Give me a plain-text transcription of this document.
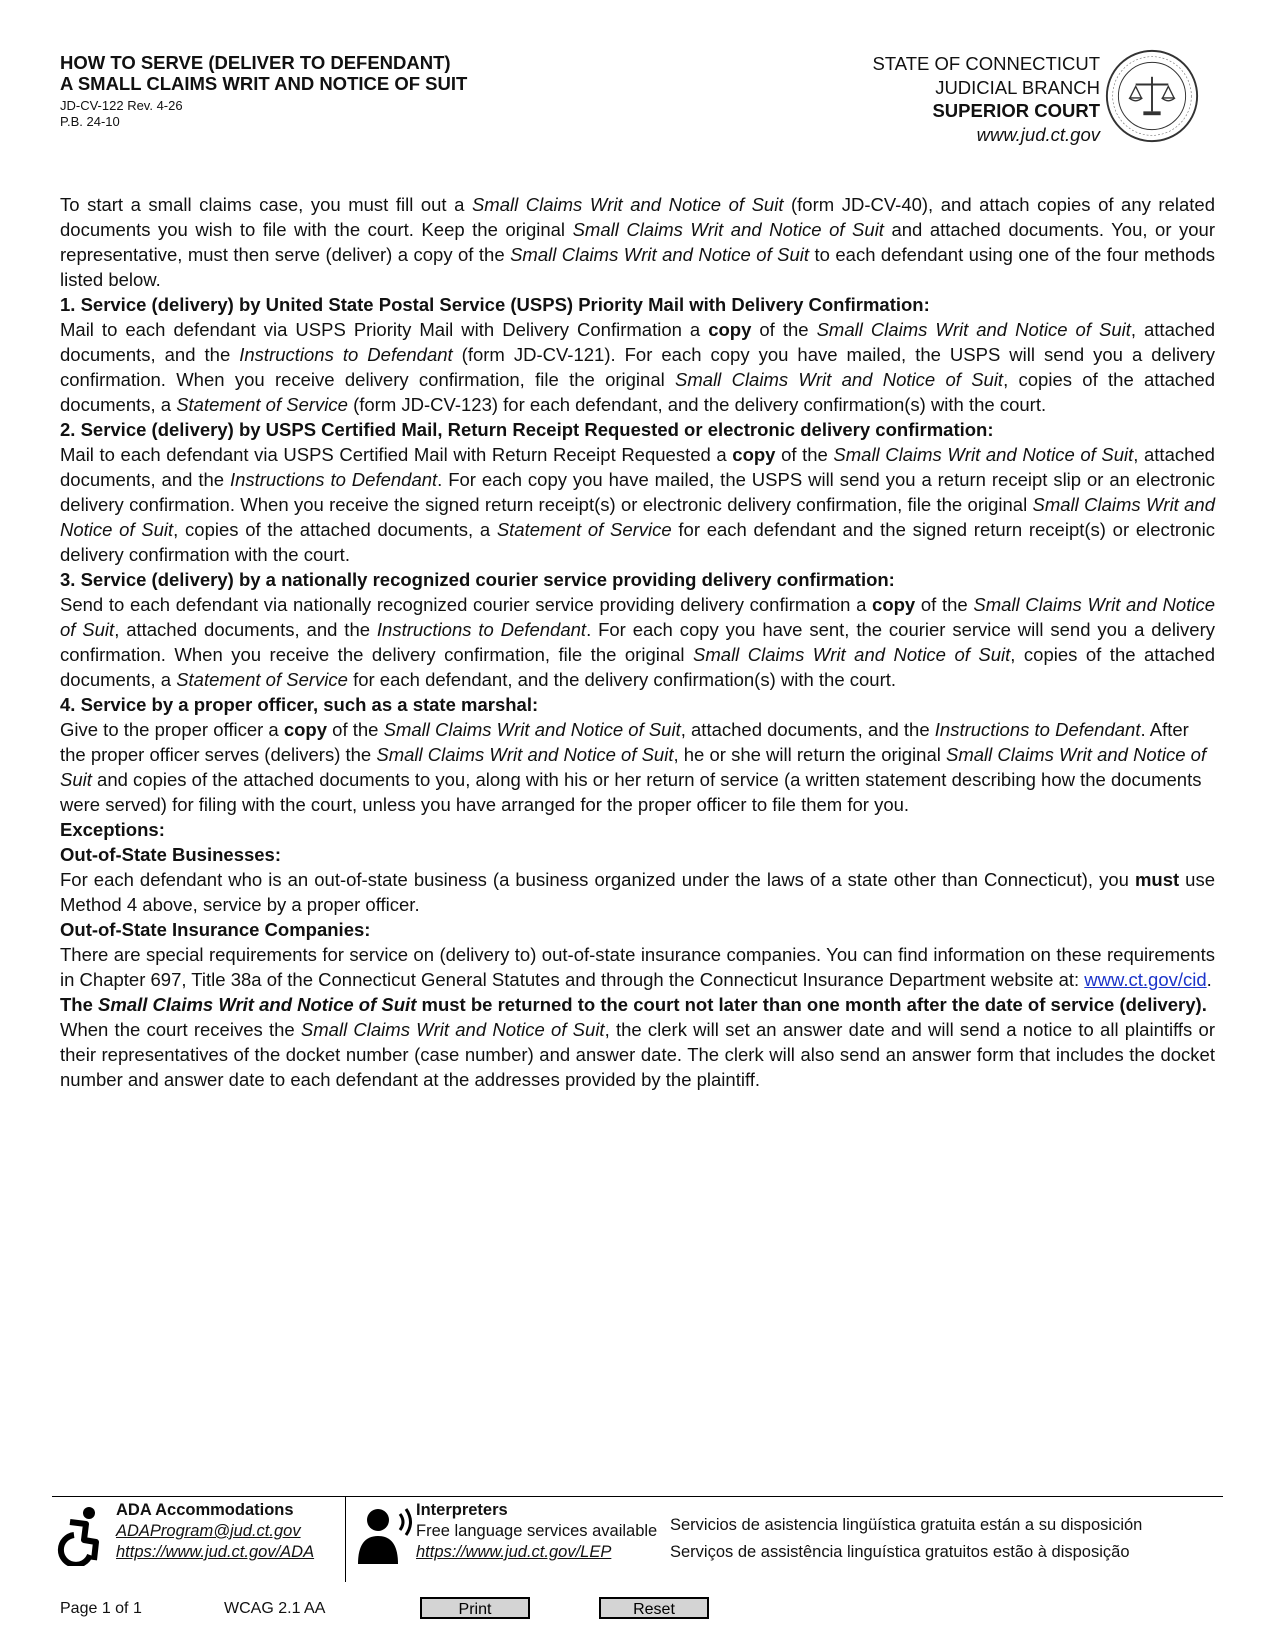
HOW TO SERVE (DELIVER TO DEFENDANT)
A SMALL CLAIMS WRIT AND NOTICE OF SUIT
JD-CV-122 Rev. 4-26
P.B. 24-10
STATE OF CONNECTICUT
JUDICIAL BRANCH
SUPERIOR COURT
www.jud.ct.gov

To start a small claims case, you must fill out a Small Claims Writ and Notice of Suit (form JD-CV-40), and attach copies of any related documents you wish to file with the court. Keep the original Small Claims Writ and Notice of Suit and attached documents. You, or your representative, must then serve (deliver) a copy of the Small Claims Writ and Notice of Suit to each defendant using one of the four methods listed below.

1. Service (delivery) by United State Postal Service (USPS) Priority Mail with Delivery Confirmation:

Mail to each defendant via USPS Priority Mail with Delivery Confirmation a copy of the Small Claims Writ and Notice of Suit, attached documents, and the Instructions to Defendant (form JD-CV-121). For each copy you have mailed, the USPS will send you a delivery confirmation. When you receive delivery confirmation, file the original Small Claims Writ and Notice of Suit, copies of the attached documents, a Statement of Service (form JD-CV-123) for each defendant, and the delivery confirmation(s) with the court.

2. Service (delivery) by USPS Certified Mail, Return Receipt Requested or electronic delivery confirmation:

Mail to each defendant via USPS Certified Mail with Return Receipt Requested a copy of the Small Claims Writ and Notice of Suit, attached documents, and the Instructions to Defendant. For each copy you have mailed, the USPS will send you a return receipt slip or an electronic delivery confirmation. When you receive the signed return receipt(s) or electronic delivery confirmation, file the original Small Claims Writ and Notice of Suit, copies of the attached documents, a Statement of Service for each defendant and the signed return receipt(s) or electronic delivery confirmation with the court.

3. Service (delivery) by a nationally recognized courier service providing delivery confirmation:

Send to each defendant via nationally recognized courier service providing delivery confirmation a copy of the Small Claims Writ and Notice of Suit, attached documents, and the Instructions to Defendant. For each copy you have sent, the courier service will send you a delivery confirmation. When you receive the delivery confirmation, file the original Small Claims Writ and Notice of Suit, copies of the attached documents, a Statement of Service for each defendant, and the delivery confirmation(s) with the court.

4. Service by a proper officer, such as a state marshal:

Give to the proper officer a copy of the Small Claims Writ and Notice of Suit, attached documents, and the Instructions to Defendant. After the proper officer serves (delivers) the Small Claims Writ and Notice of Suit, he or she will return the original Small Claims Writ and Notice of Suit and copies of the attached documents to you, along with his or her return of service (a written statement describing how the documents were served) for filing with the court, unless you have arranged for the proper officer to file them for you.

Exceptions:

Out-of-State Businesses:

For each defendant who is an out-of-state business (a business organized under the laws of a state other than Connecticut), you must use Method 4 above, service by a proper officer.

Out-of-State Insurance Companies:

There are special requirements for service on (delivery to) out-of-state insurance companies. You can find information on these requirements in Chapter 697, Title 38a of the Connecticut General Statutes and through the Connecticut Insurance Department website at: www.ct.gov/cid.

The Small Claims Writ and Notice of Suit must be returned to the court not later than one month after the date of service (delivery).

When the court receives the Small Claims Writ and Notice of Suit, the clerk will set an answer date and will send a notice to all plaintiffs or their representatives of the docket number (case number) and answer date. The clerk will also send an answer form that includes the docket number and answer date to each defendant at the addresses provided by the plaintiff.

ADA Accommodations
ADAProgram@jud.ct.gov
https://www.jud.ct.gov/ADA
Interpreters
Free language services available
https://www.jud.ct.gov/LEP
Servicios de asistencia lingüística gratuita están a su disposición
Serviços de assistência linguística gratuitos estão à disposição
Page 1 of 1	WCAG 2.1 AA	Print	Reset
